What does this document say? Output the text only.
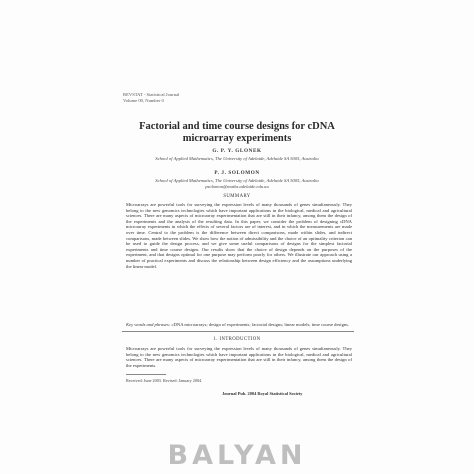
REVSTAT - Statistical Journal
Volume 00, Number 0
Factorial and time course designs for cDNA
microarray experiments
G. P. Y. GLONEK
School of Applied Mathematics, The University of Adelaide, Adelaide SA 5005, Australia
P. J. SOLOMON
School of Applied Mathematics, The University of Adelaide, Adelaide SA 5005, Australia
psolomon@maths.adelaide.edu.au
SUMMARY

Microarrays are powerful tools for surveying the expression levels of many thousands of genes simultaneously. They belong to the new genomics technologies which have important applications in the biological, medical and agricultural sciences. There are many aspects of microarray experimentation that are still in their infancy, among them the design of the experiments and the analysis of the resulting data. In this paper, we consider the problem of designing cDNA microarray experiments in which the effects of several factors are of interest, and in which the measurements are made over time. Central to the problem is the difference between direct comparisons, made within slides, and indirect comparisons, made between slides. We show how the notion of admissibility and the choice of an optimality criterion can be used to guide the design process, and we give some useful comparisons of designs for the simplest factorial experiments and time course designs. Our results show that the choice of design depends on the purposes of the experiment, and that designs optimal for one purpose may perform poorly for others. We illustrate our approach using a number of practical experiments and discuss the relationship between design efficiency and the assumptions underlying the linear model.

Key words and phrases: cDNA microarrays; design of experiments; factorial designs; linear models; time course designs.
1. INTRODUCTION

Microarrays are powerful tools for surveying the expression levels of many thousands of genes simultaneously. They belong to the new genomics technologies which have important applications in the biological, medical and agricultural sciences. There are many aspects of microarray experimentation that are still in their infancy, among them the design of the experiments.

Received: June 2003. Revised: January 2004.
Journal Pub. 2004 Royal Statistical Society
BALYAN
